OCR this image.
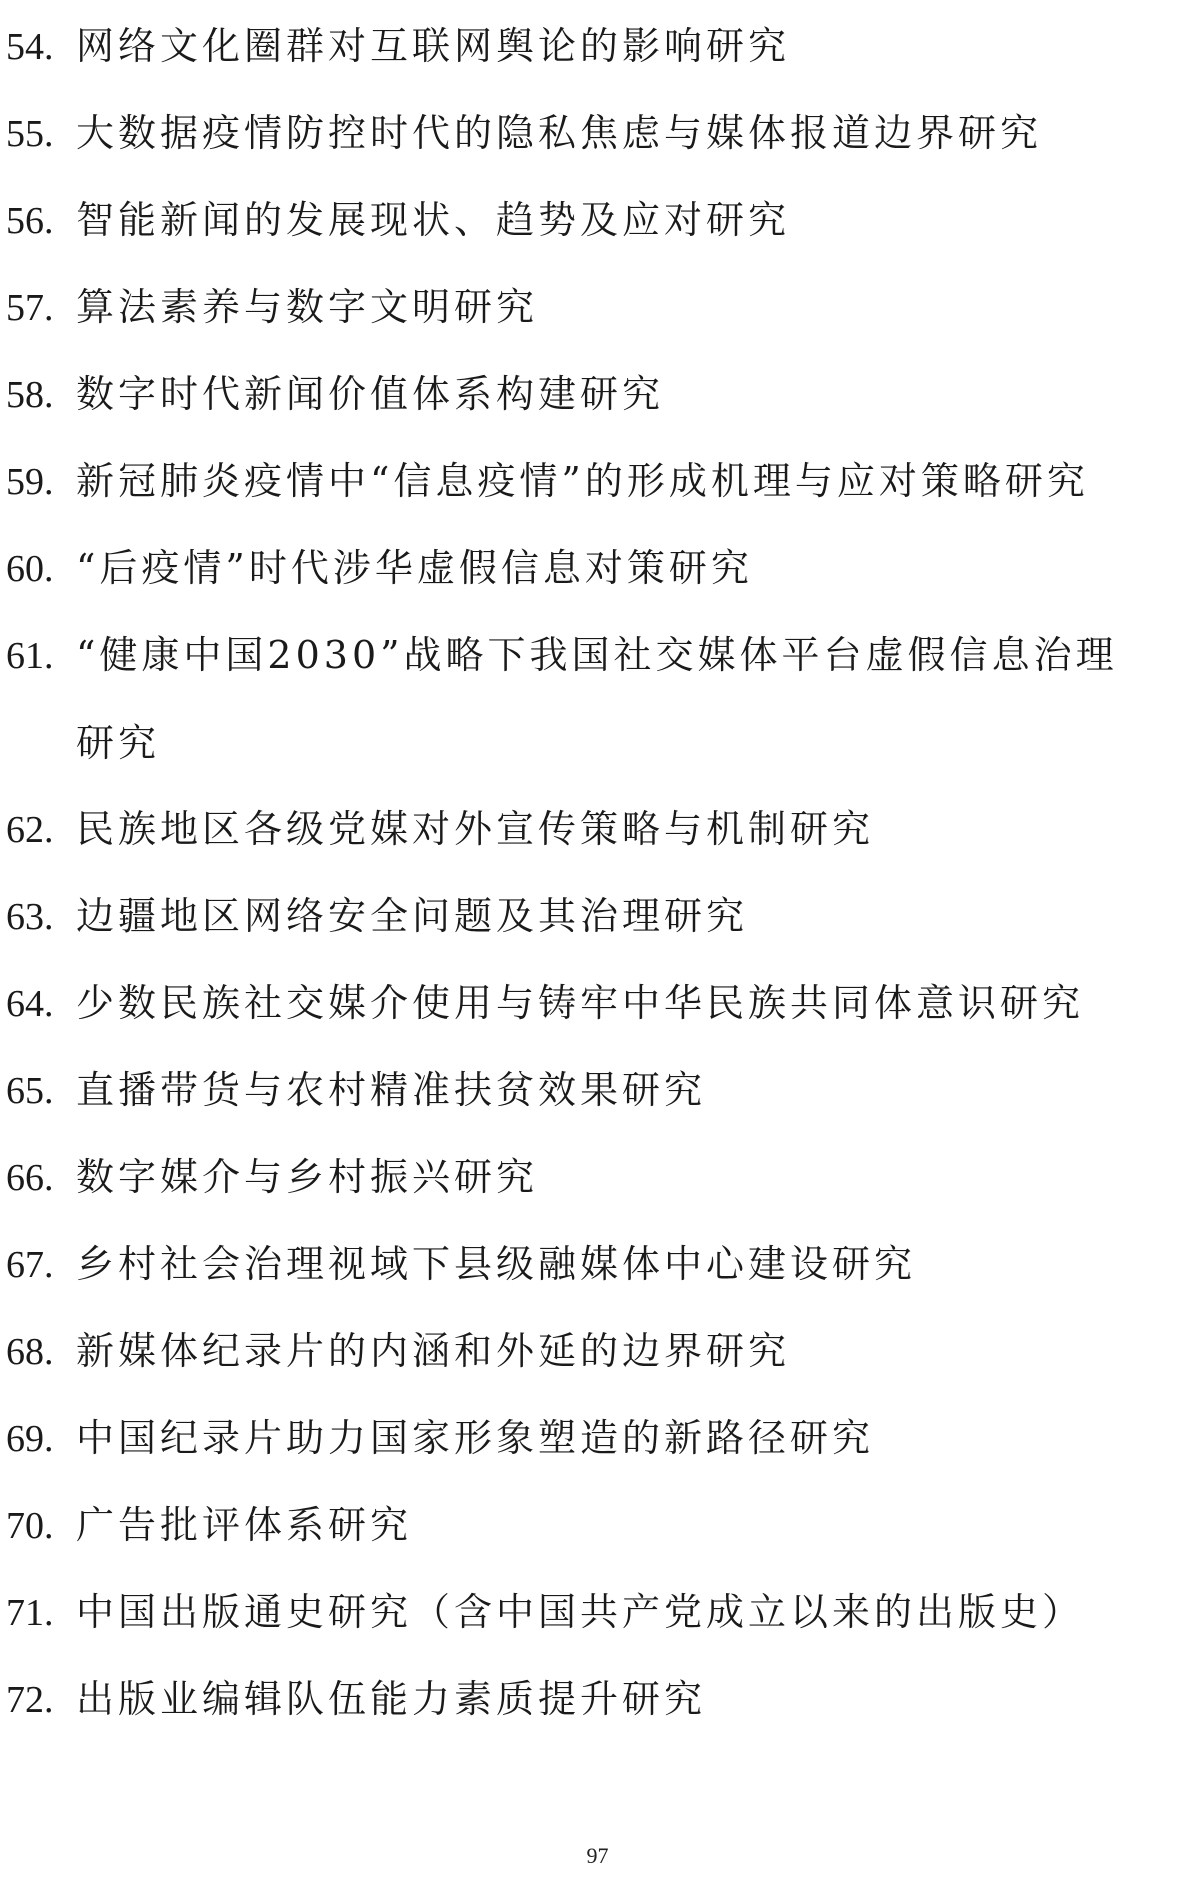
54. 网络文化圈群对互联网舆论的影响研究
55. 大数据疫情防控时代的隐私焦虑与媒体报道边界研究
56. 智能新闻的发展现状、趋势及应对研究
57. 算法素养与数字文明研究
58. 数字时代新闻价值体系构建研究
59. 新冠肺炎疫情中“信息疫情”的形成机理与应对策略研究
60. “后疫情”时代涉华虚假信息对策研究
61. “健康中国2030”战略下我国社交媒体平台虚假信息治理
研究
62. 民族地区各级党媒对外宣传策略与机制研究
63. 边疆地区网络安全问题及其治理研究
64. 少数民族社交媒介使用与铸牢中华民族共同体意识研究
65. 直播带货与农村精准扶贫效果研究
66. 数字媒介与乡村振兴研究
67. 乡村社会治理视域下县级融媒体中心建设研究
68. 新媒体纪录片的内涵和外延的边界研究
69. 中国纪录片助力国家形象塑造的新路径研究
70. 广告批评体系研究
71. 中国出版通史研究（含中国共产党成立以来的出版史）
72. 出版业编辑队伍能力素质提升研究
97
